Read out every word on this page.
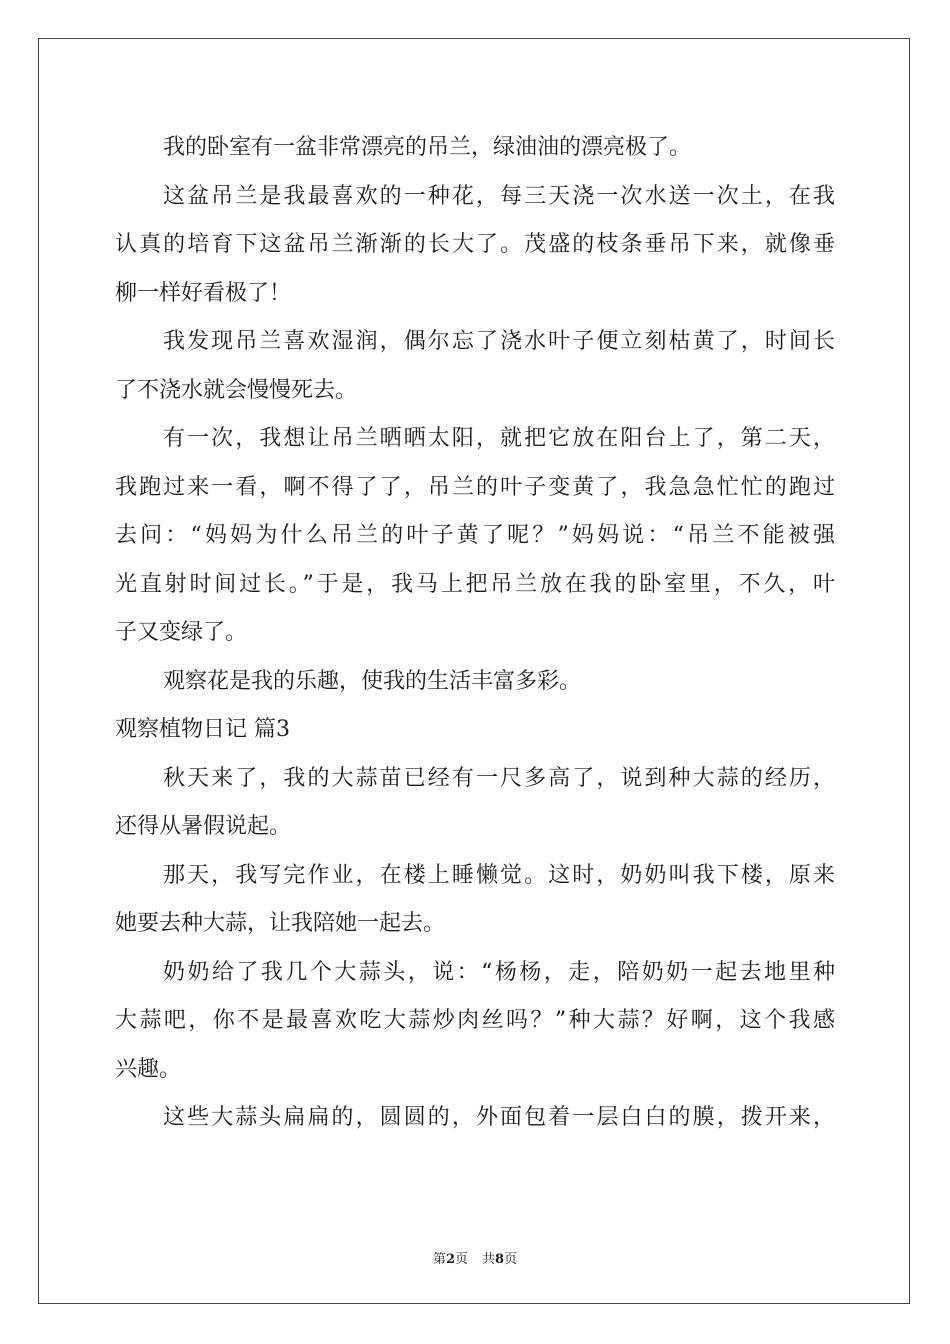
我的卧室有一盆非常漂亮的吊兰，绿油油的漂亮极了。
这盆吊兰是我最喜欢的一种花，每三天浇一次水送一次土，在我
认真的培育下这盆吊兰渐渐的长大了。茂盛的枝条垂吊下来，就像垂
柳一样好看极了！
我发现吊兰喜欢湿润，偶尔忘了浇水叶子便立刻枯黄了，时间长
了不浇水就会慢慢死去。
有一次，我想让吊兰晒晒太阳，就把它放在阳台上了，第二天，
我跑过来一看，啊不得了了，吊兰的叶子变黄了，我急急忙忙的跑过
去问：“妈妈为什么吊兰的叶子黄了呢？”妈妈说：“吊兰不能被强
光直射时间过长。”于是，我马上把吊兰放在我的卧室里，不久，叶
子又变绿了。
观察花是我的乐趣，使我的生活丰富多彩。
观察植物日记 篇3
秋天来了，我的大蒜苗已经有一尺多高了，说到种大蒜的经历，
还得从暑假说起。
那天，我写完作业，在楼上睡懒觉。这时，奶奶叫我下楼，原来
她要去种大蒜，让我陪她一起去。
奶奶给了我几个大蒜头，说：“杨杨，走，陪奶奶一起去地里种
大蒜吧，你不是最喜欢吃大蒜炒肉丝吗？”种大蒜？好啊，这个我感
兴趣。
这些大蒜头扁扁的，圆圆的，外面包着一层白白的膜，拨开来，
第2页 共8页
